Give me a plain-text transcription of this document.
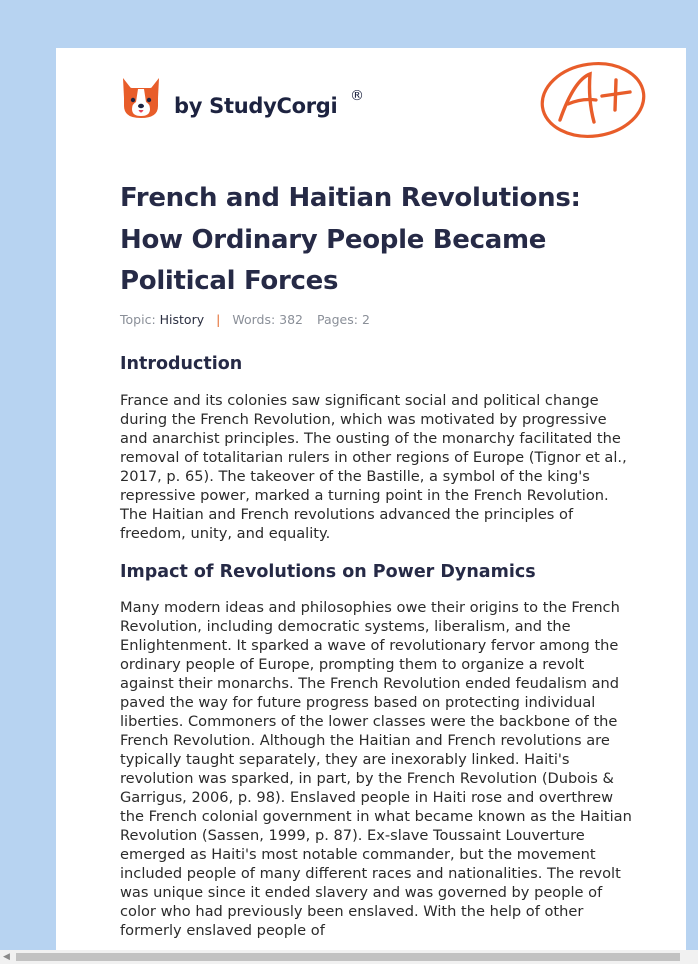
by StudyCorgi ®
French and Haitian Revolutions: How Ordinary People Became Political Forces
Topic: History | Words: 382 Pages: 2
Introduction

France and its colonies saw significant social and political change during the French Revolution, which was motivated by progressive and anarchist principles. The ousting of the monarchy facilitated the removal of totalitarian rulers in other regions of Europe (Tignor et al., 2017, p. 65). The takeover of the Bastille, a symbol of the king's repressive power, marked a turning point in the French Revolution. The Haitian and French revolutions advanced the principles of freedom, unity, and equality.

Impact of Revolutions on Power Dynamics

Many modern ideas and philosophies owe their origins to the French Revolution, including democratic systems, liberalism, and the Enlightenment. It sparked a wave of revolutionary fervor among the ordinary people of Europe, prompting them to organize a revolt against their monarchs. The French Revolution ended feudalism and paved the way for future progress based on protecting individual liberties. Commoners of the lower classes were the backbone of the French Revolution. Although the Haitian and French revolutions are typically taught separately, they are inexorably linked. Haiti's revolution was sparked, in part, by the French Revolution (Dubois & Garrigus, 2006, p. 98). Enslaved people in Haiti rose and overthrew the French colonial government in what became known as the Haitian Revolution (Sassen, 1999, p. 87). Ex-slave Toussaint Louverture emerged as Haiti's most notable commander, but the movement included people of many different races and nationalities. The revolt was unique since it ended slavery and was governed by people of color who had previously been enslaved. With the help of other formerly enslaved people of

◀
